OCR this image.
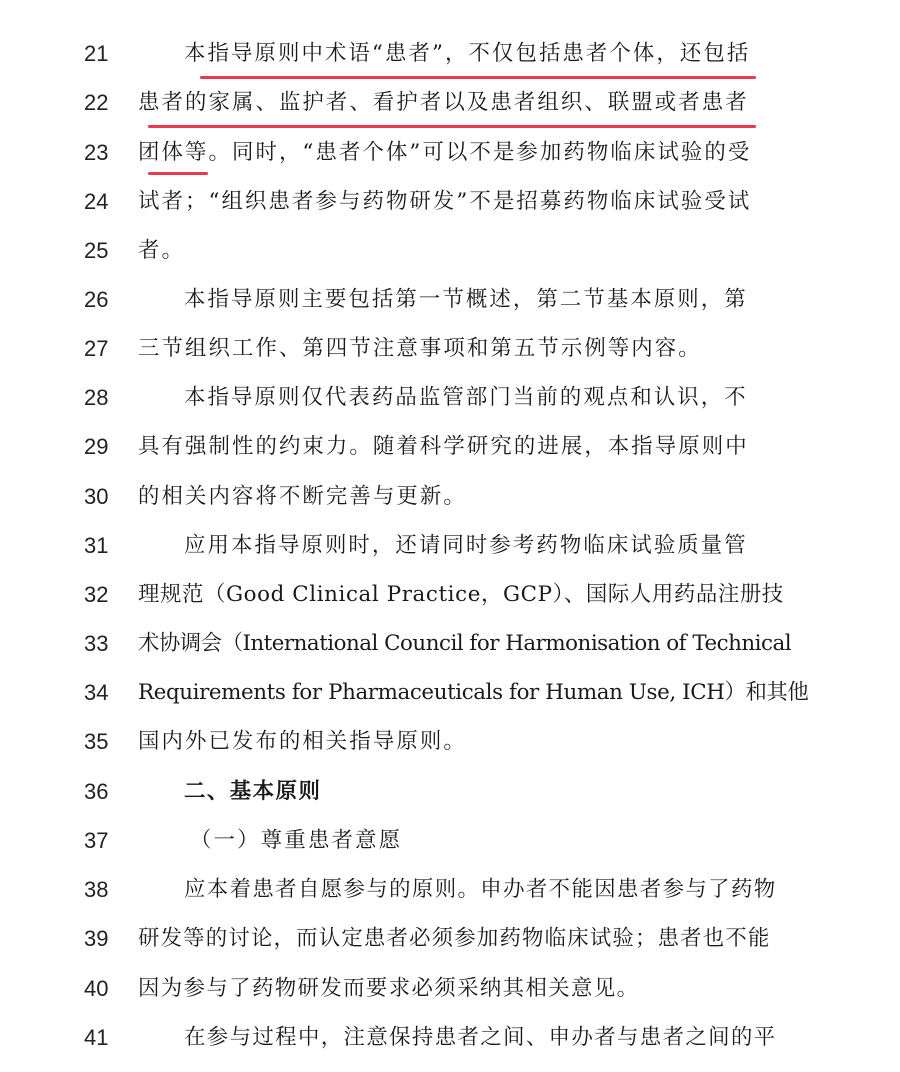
21	本指导原则中术语“患者”，不仅包括患者个体，还包括
22	患者的家属、监护者、看护者以及患者组织、联盟或者患者
23	团体等。同时，“患者个体”可以不是参加药物临床试验的受
24	试者；“组织患者参与药物研发”不是招募药物临床试验受试
25	者。
26	本指导原则主要包括第一节概述，第二节基本原则，第
27	三节组织工作、第四节注意事项和第五节示例等内容。
28	本指导原则仅代表药品监管部门当前的观点和认识，不
29	具有强制性的约束力。随着科学研究的进展，本指导原则中
30	的相关内容将不断完善与更新。
31	应用本指导原则时，还请同时参考药物临床试验质量管
32	理规范（Good Clinical Practice，GCP）、国际人用药品注册技
33	术协调会（International Council for Harmonisation of Technical
34	Requirements for Pharmaceuticals for Human Use, ICH）和其他
35	国内外已发布的相关指导原则。
36	二、基本原则
37	（一）尊重患者意愿
38	应本着患者自愿参与的原则。申办者不能因患者参与了药物
39	研发等的讨论，而认定患者必须参加药物临床试验；患者也不能
40	因为参与了药物研发而要求必须采纳其相关意见。
41	在参与过程中，注意保持患者之间、申办者与患者之间的平
